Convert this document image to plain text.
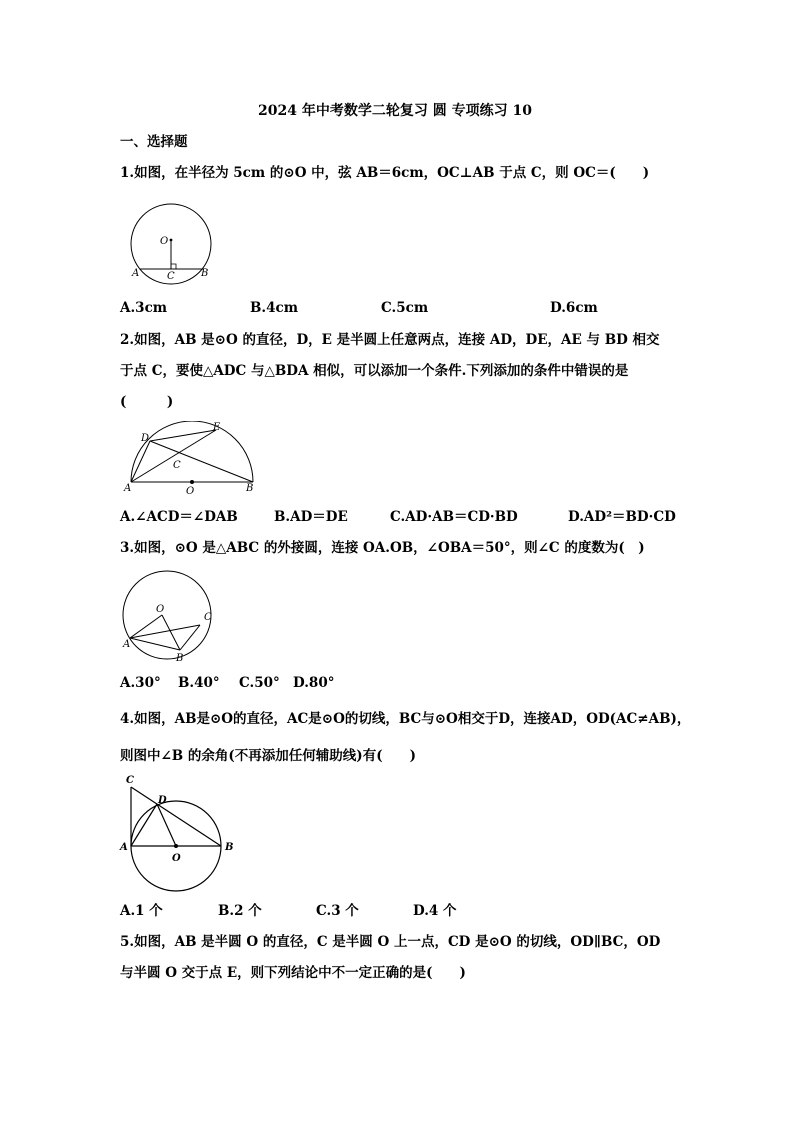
2024 年中考数学二轮复习 圆 专项练习 10
一、选择题
1.如图，在半径为 5cm 的⊙O 中，弦 AB＝6cm，OC⊥AB 于点 C，则 OC＝(　　)
O
A	C	B
A.3cm	B.4cm	C.5cm	D.6cm
2.如图，AB 是⊙O 的直径，D，E 是半圆上任意两点，连接 AD，DE，AE 与 BD 相交
于点 C，要使△ADC 与△BDA 相似，可以添加一个条件.下列添加的条件中错误的是
(　　　)
D
E
C
A	O	B
A.∠ACD＝∠DAB	B.AD＝DE	C.AD·AB＝CD·BD	D.AD²＝BD·CD
3.如图，⊙O 是△ABC 的外接圆，连接 OA.OB，∠OBA＝50°，则∠C 的度数为(　)
O
A
B
C
A.30° B.40° C.50° D.80°
4.如图，AB是⊙O的直径，AC是⊙O的切线，BC与⊙O相交于D，连接AD，OD(AC≠AB)，
则图中∠B 的余角(不再添加任何辅助线)有(　　)
C
D
A
O
B
A.1 个	B.2 个	C.3 个	D.4 个
5.如图，AB 是半圆 O 的直径，C 是半圆 O 上一点，CD 是⊙O 的切线，OD∥BC，OD
与半圆 O 交于点 E，则下列结论中不一定正确的是(　　)
